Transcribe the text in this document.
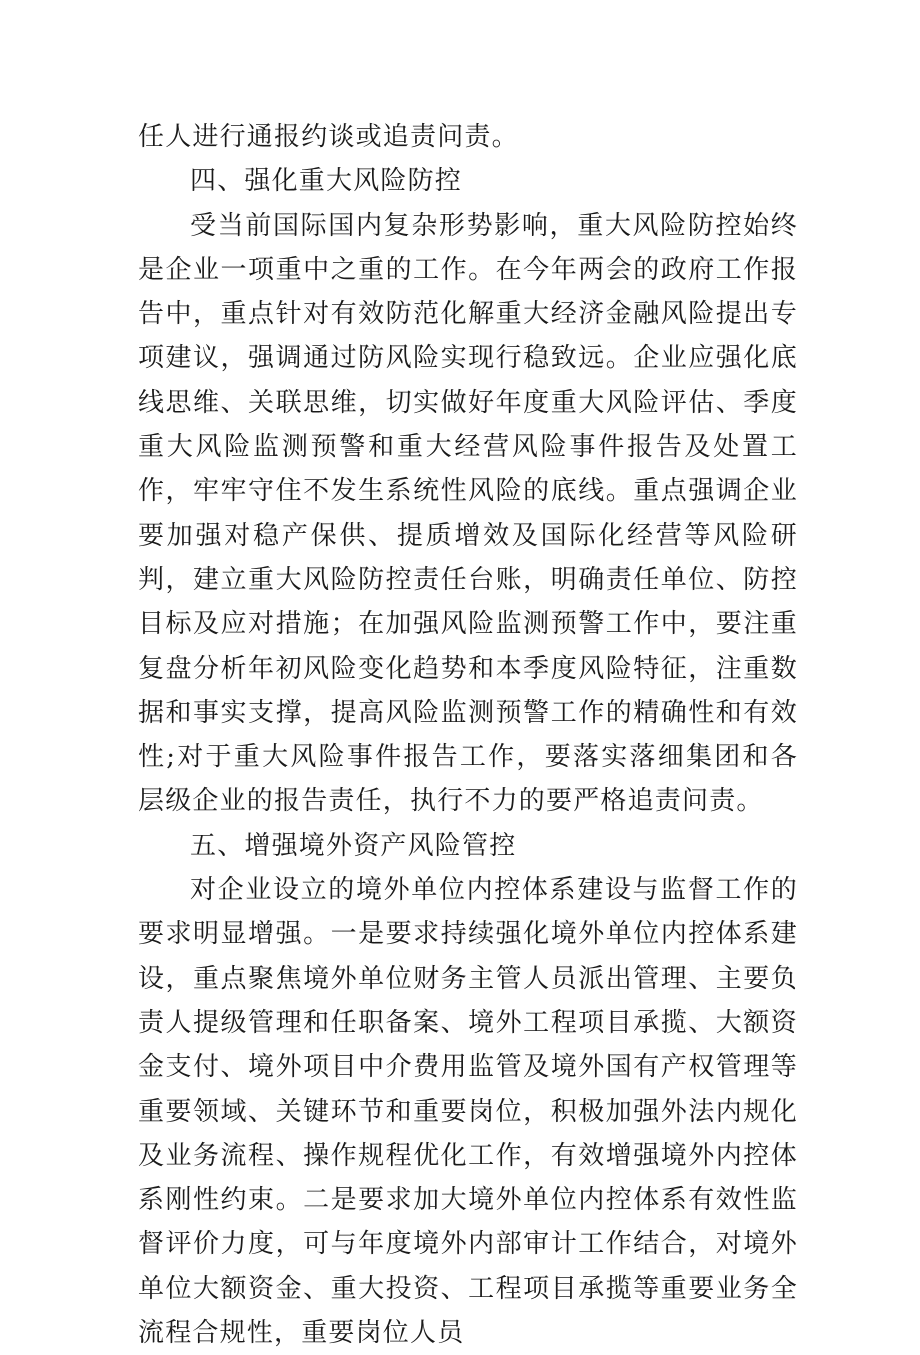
任人进行通报约谈或追责问责。

四、强化重大风险防控

受当前国际国内复杂形势影响，重大风险防控始终是企业一项重中之重的工作。在今年两会的政府工作报告中，重点针对有效防范化解重大经济金融风险提出专项建议，强调通过防风险实现行稳致远。企业应强化底线思维、关联思维，切实做好年度重大风险评估、季度重大风险监测预警和重大经营风险事件报告及处置工作，牢牢守住不发生系统性风险的底线。重点强调企业要加强对稳产保供、提质增效及国际化经营等风险研判，建立重大风险防控责任台账，明确责任单位、防控目标及应对措施；在加强风险监测预警工作中，要注重复盘分析年初风险变化趋势和本季度风险特征，注重数据和事实支撑，提高风险监测预警工作的精确性和有效性;对于重大风险事件报告工作，要落实落细集团和各层级企业的报告责任，执行不力的要严格追责问责。

五、增强境外资产风险管控

对企业设立的境外单位内控体系建设与监督工作的要求明显增强。一是要求持续强化境外单位内控体系建设，重点聚焦境外单位财务主管人员派出管理、主要负责人提级管理和任职备案、境外工程项目承揽、大额资金支付、境外项目中介费用监管及境外国有产权管理等重要领域、关键环节和重要岗位，积极加强外法内规化及业务流程、操作规程优化工作，有效增强境外内控体系刚性约束。二是要求加大境外单位内控体系有效性监督评价力度，可与年度境外内部审计工作结合，对境外单位大额资金、重大投资、工程项目承揽等重要业务全流程合规性，重要岗位人员
